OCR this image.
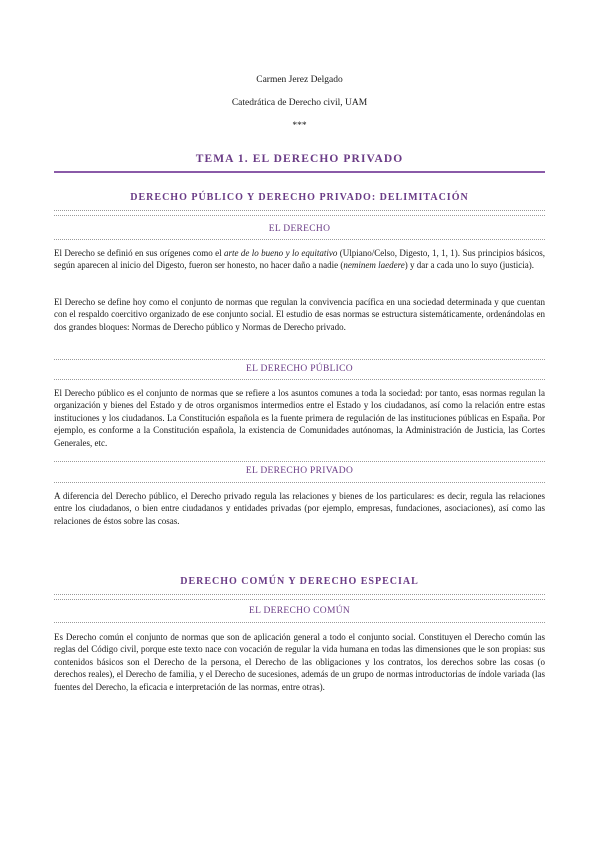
Carmen Jerez Delgado
Catedrática de Derecho civil, UAM
***
TEMA 1. EL DERECHO PRIVADO
DERECHO PÚBLICO Y DERECHO PRIVADO: DELIMITACIÓN
EL DERECHO
El Derecho se definió en sus orígenes como el arte de lo bueno y lo equitativo (Ulpiano/Celso, Digesto, 1, 1, 1). Sus principios básicos, según aparecen al inicio del Digesto, fueron ser honesto, no hacer daño a nadie (neminem laedere) y dar a cada uno lo suyo (justicia).
El Derecho se define hoy como el conjunto de normas que regulan la convivencia pacífica en una sociedad determinada y que cuentan con el respaldo coercitivo organizado de ese conjunto social. El estudio de esas normas se estructura sistemáticamente, ordenándolas en dos grandes bloques: Normas de Derecho público y Normas de Derecho privado.
EL DERECHO PÚBLICO
El Derecho público es el conjunto de normas que se refiere a los asuntos comunes a toda la sociedad: por tanto, esas normas regulan la organización y bienes del Estado y de otros organismos intermedios entre el Estado y los ciudadanos, así como la relación entre estas instituciones y los ciudadanos. La Constitución española es la fuente primera de regulación de las instituciones públicas en España. Por ejemplo, es conforme a la Constitución española, la existencia de Comunidades autónomas, la Administración de Justicia, las Cortes Generales, etc.
EL DERECHO PRIVADO
A diferencia del Derecho público, el Derecho privado regula las relaciones y bienes de los particulares: es decir, regula las relaciones entre los ciudadanos, o bien entre ciudadanos y entidades privadas (por ejemplo, empresas, fundaciones, asociaciones), así como las relaciones de éstos sobre las cosas.
DERECHO COMÚN Y DERECHO ESPECIAL
EL DERECHO COMÚN
Es Derecho común el conjunto de normas que son de aplicación general a todo el conjunto social. Constituyen el Derecho común las reglas del Código civil, porque este texto nace con vocación de regular la vida humana en todas las dimensiones que le son propias: sus contenidos básicos son el Derecho de la persona, el Derecho de las obligaciones y los contratos, los derechos sobre las cosas (o derechos reales), el Derecho de familia, y el Derecho de sucesiones, además de un grupo de normas introductorias de índole variada (las fuentes del Derecho, la eficacia e interpretación de las normas, entre otras).
